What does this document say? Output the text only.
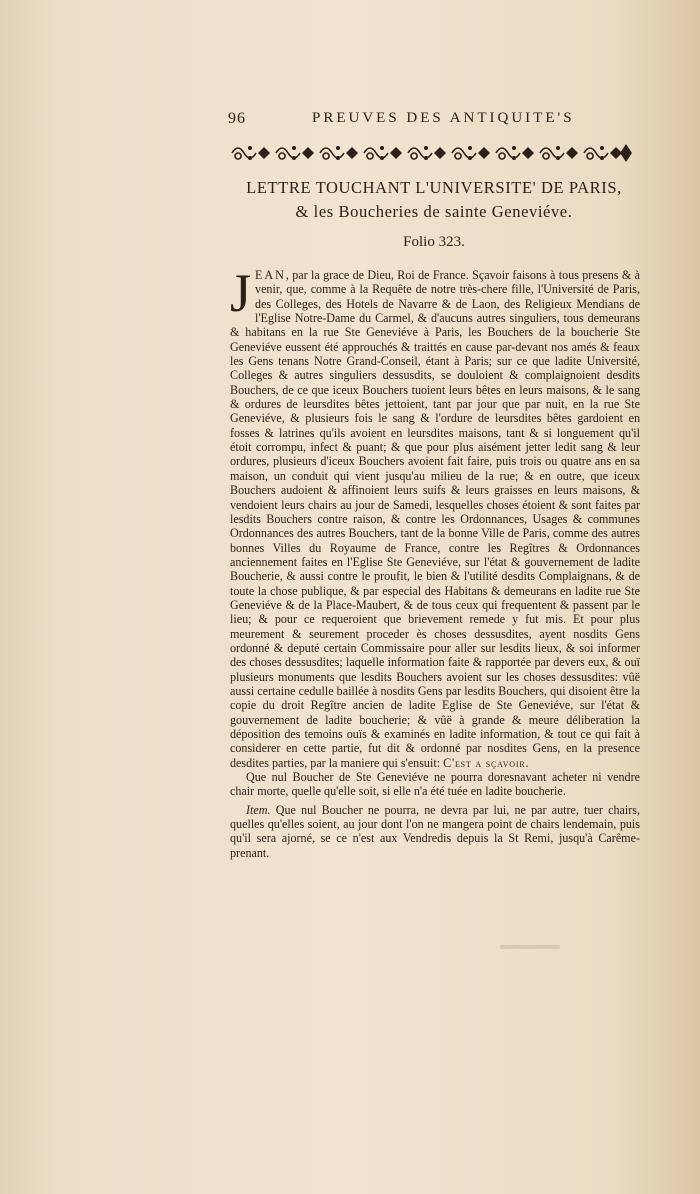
96	PREUVES DES ANTIQUITE'S
LETTRE TOUCHANT L'UNIVERSITE' DE PARIS,
& les Boucheries de sainte Geneviéve.
Folio 323.

JEAN, par la grace de Dieu, Roi de France. Sçavoir faisons à tous presens & à venir, que, comme à la Requête de notre très-chere fille, l'Université de Paris, des Colleges, des Hotels de Navarre & de Laon, des Religieux Mendians de l'Eglise Notre-Dame du Carmel, & d'aucuns autres singuliers, tous demeurans & habitans en la rue Ste Geneviéve à Paris, les Bouchers de la boucherie Ste Geneviéve eussent été approuchés & traittés en cause par-devant nos amés & feaux les Gens tenans Notre Grand-Conseil, étant à Paris; sur ce que ladite Université, Colleges & autres singuliers dessusdits, se douloient & complaignoient desdits Bouchers, de ce que iceux Bouchers tuoient leurs bêtes en leurs maisons, & le sang & ordures de leursdites bêtes jettoient, tant par jour que par nuit, en la rue Ste Geneviéve, & plusieurs fois le sang & l'ordure de leursdites bêtes gardoient en fosses & latrines qu'ils avoient en leursdites maisons, tant & si longuement qu'il étoit corrompu, infect & puant; & que pour plus aisément jetter ledit sang & leur ordures, plusieurs d'iceux Bouchers avoient fait faire, puis trois ou quatre ans en sa maison, un conduit qui vient jusqu'au milieu de la rue; & en outre, que iceux Bouchers audoient & affinoient leurs suifs & leurs graisses en leurs maisons, & vendoient leurs chairs au jour de Samedi, lesquelles choses étoient & sont faites par lesdits Bouchers contre raison, & contre les Ordonnances, Usages & communes Ordonnances des autres Bouchers, tant de la bonne Ville de Paris, comme des autres bonnes Villes du Royaume de France, contre les Regîtres & Ordonnances anciennement faites en l'Eglise Ste Geneviéve, sur l'état & gouvernement de ladite Boucherie, & aussi contre le proufit, le bien & l'utilité desdits Complaignans, & de toute la chose publique, & par especial des Habitans & demeurans en ladite rue Ste Geneviéve & de la Place-Maubert, & de tous ceux qui frequentent & passent par le lieu; & pour ce requeroient que brievement remede y fut mis. Et pour plus meurement & seurement proceder ès choses dessusdites, ayent nosdits Gens ordonné & deputé certain Commissaire pour aller sur lesdits lieux, & soi informer des choses dessusdites; laquelle information faite & rapportée par devers eux, & ouï plusieurs monuments que lesdits Bouchers avoient sur les choses dessusdites: vûë aussi certaine cedulle baillée à nosdits Gens par lesdits Bouchers, qui disoient être la copie du droit Regître ancien de ladite Eglise de Ste Geneviéve, sur l'état & gouvernement de ladite boucherie; & vûë à grande & meure déliberation la déposition des temoins ouïs & examinés en ladite information, & tout ce qui fait à considerer en cette partie, fut dit & ordonné par nosdites Gens, en la presence desdites parties, par la maniere qui s'ensuit: C'est a sçavoir.

Que nul Boucher de Ste Geneviéve ne pourra doresnavant acheter ni vendre chair morte, quelle qu'elle soit, si elle n'a été tuée en ladite boucherie.

Item. Que nul Boucher ne pourra, ne devra par lui, ne par autre, tuer chairs, quelles qu'elles soient, au jour dont l'on ne mangera point de chairs lendemain, puis qu'il sera ajorné, se ce n'est aux Vendredis depuis la St Remi, jusqu'à Carême-prenant.
